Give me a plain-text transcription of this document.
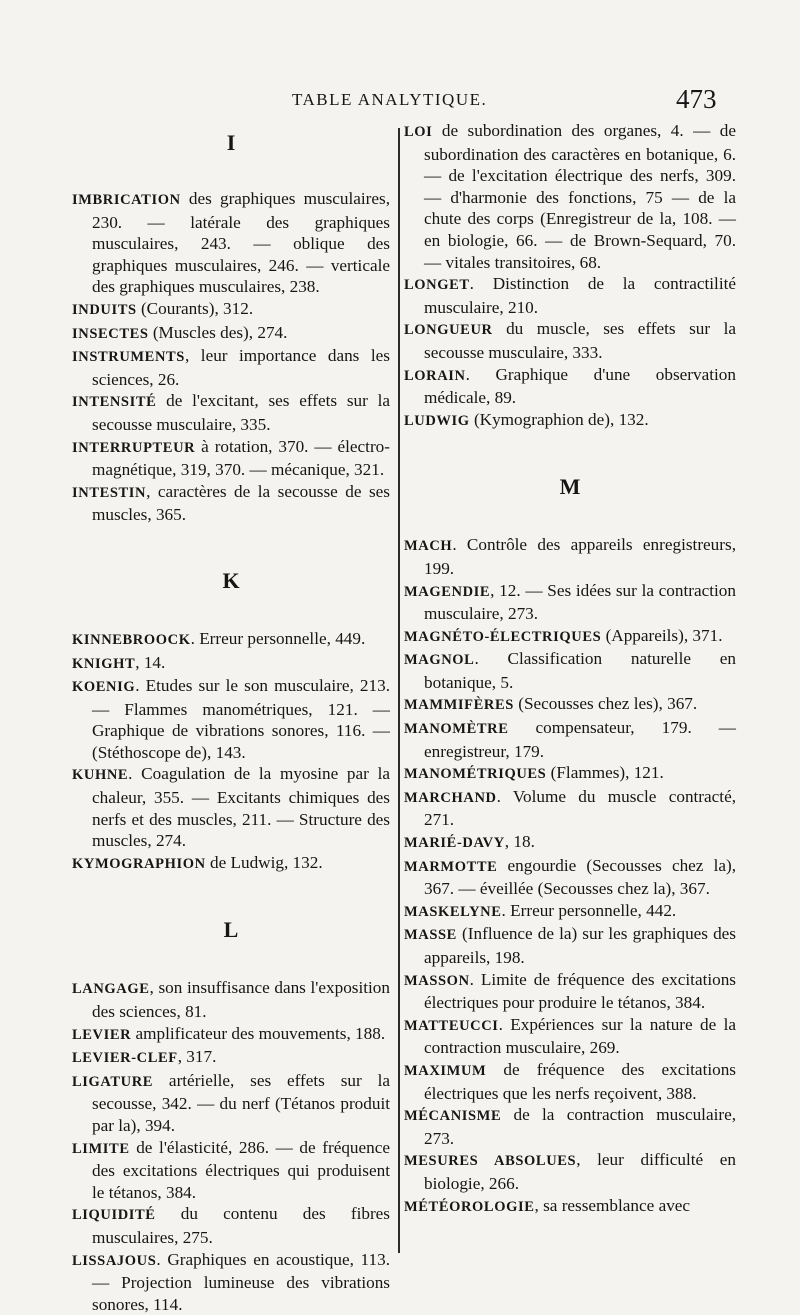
TABLE ANALYTIQUE.	473
I

IMBRICATION des graphiques musculaires, 230. — latérale des graphiques musculaires, 243. — oblique des graphiques musculaires, 246. — verticale des graphiques musculaires, 238.

INDUITS (Courants), 312.

INSECTES (Muscles des), 274.

INSTRUMENTS, leur importance dans les sciences, 26.

INTENSITÉ de l'excitant, ses effets sur la secousse musculaire, 335.

INTERRUPTEUR à rotation, 370. — électro-magnétique, 319, 370. — mécanique, 321.

INTESTIN, caractères de la secousse de ses muscles, 365.

K

KINNEBROOCK. Erreur personnelle, 449.

KNIGHT, 14.

KOENIG. Etudes sur le son musculaire, 213. — Flammes manométriques, 121. — Graphique de vibrations sonores, 116. — (Stéthoscope de), 143.

KUHNE. Coagulation de la myosine par la chaleur, 355. — Excitants chimiques des nerfs et des muscles, 211. — Structure des muscles, 274.

KYMOGRAPHION de Ludwig, 132.

L

LANGAGE, son insuffisance dans l'exposition des sciences, 81.

LEVIER amplificateur des mouvements, 188.

LEVIER-CLEF, 317.

LIGATURE artérielle, ses effets sur la secousse, 342. — du nerf (Tétanos produit par la), 394.

LIMITE de l'élasticité, 286. — de fréquence des excitations électriques qui produisent le tétanos, 384.

LIQUIDITÉ du contenu des fibres musculaires, 275.

LISSAJOUS. Graphiques en acoustique, 113. — Projection lumineuse des vibrations sonores, 114.

LOI de subordination des organes, 4. — de subordination des caractères en botanique, 6. — de l'excitation électrique des nerfs, 309. — d'harmonie des fonctions, 75 — de la chute des corps (Enregistreur de la, 108. — en biologie, 66. — de Brown-Sequard, 70. — vitales transitoires, 68.

LONGET. Distinction de la contractilité musculaire, 210.

LONGUEUR du muscle, ses effets sur la secousse musculaire, 333.

LORAIN. Graphique d'une observation médicale, 89.

LUDWIG (Kymographion de), 132.

M

MACH. Contrôle des appareils enregistreurs, 199.

MAGENDIE, 12. — Ses idées sur la contraction musculaire, 273.

MAGNÉTO-ÉLECTRIQUES (Appareils), 371.

MAGNOL. Classification naturelle en botanique, 5.

MAMMIFÈRES (Secousses chez les), 367.

MANOMÈTRE compensateur, 179. — enregistreur, 179.

MANOMÉTRIQUES (Flammes), 121.

MARCHAND. Volume du muscle contracté, 271.

MARIÉ-DAVY, 18.

MARMOTTE engourdie (Secousses chez la), 367. — éveillée (Secousses chez la), 367.

MASKELYNE. Erreur personnelle, 442.

MASSE (Influence de la) sur les graphiques des appareils, 198.

MASSON. Limite de fréquence des excitations électriques pour produire le tétanos, 384.

MATTEUCCI. Expériences sur la nature de la contraction musculaire, 269.

MAXIMUM de fréquence des excitations électriques que les nerfs reçoivent, 388.

MÉCANISME de la contraction musculaire, 273.

MESURES ABSOLUES, leur difficulté en biologie, 266.

MÉTÉOROLOGIE, sa ressemblance avec
